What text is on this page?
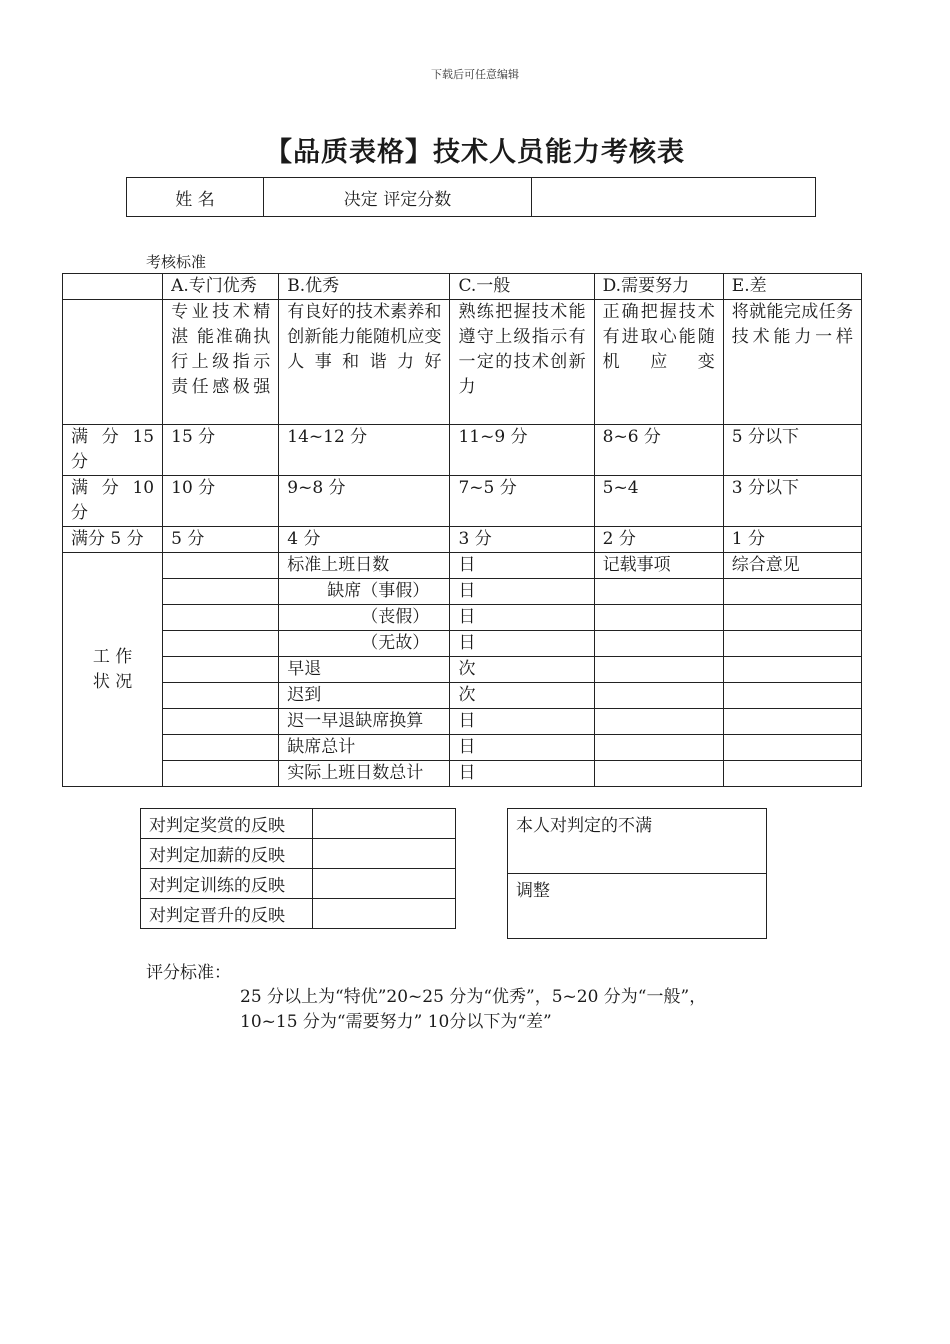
下载后可任意编辑
【品质表格】技术人员能力考核表
姓 名	决定 评定分数	
考核标准
	A.专门优秀	B.优秀	C.一般	D.需要努力	E.差
	专业技术精湛 能准确执行上级指示责任感极强	有良好的技术素养和创新能力能随机应变人事和谐力好	熟练把握技术能遵守上级指示有一定的技术创新力	正确把握技术 有进取心能随机应变	将就能完成任务 技术能力一样
满 分 15 分	15 分	14~12 分	11~9 分	8~6 分	5 分以下
满 分 10 分	10 分	9~8 分	7~5 分	5~4	3 分以下
满分 5 分	5 分	4 分	3 分	2 分	1 分
工 作 状 况		标准上班日数	日	记载事项	综合意见
		缺席（事假）	日		
		（丧假）	日		
		（无故）	日		
		早退	次		
		迟到	次		
		迟一早退缺席换算	日		
		缺席总计	日		
		实际上班日数总计	日		
对判定奖赏的反映	
对判定加薪的反映	
对判定训练的反映	
对判定晋升的反映	
本人对判定的不满
调整
评分标准：
25 分以上为“特优”20~25 分为“优秀”，5~20 分为“一般”，
10~15 分为“需要努力” 10分以下为“差”
